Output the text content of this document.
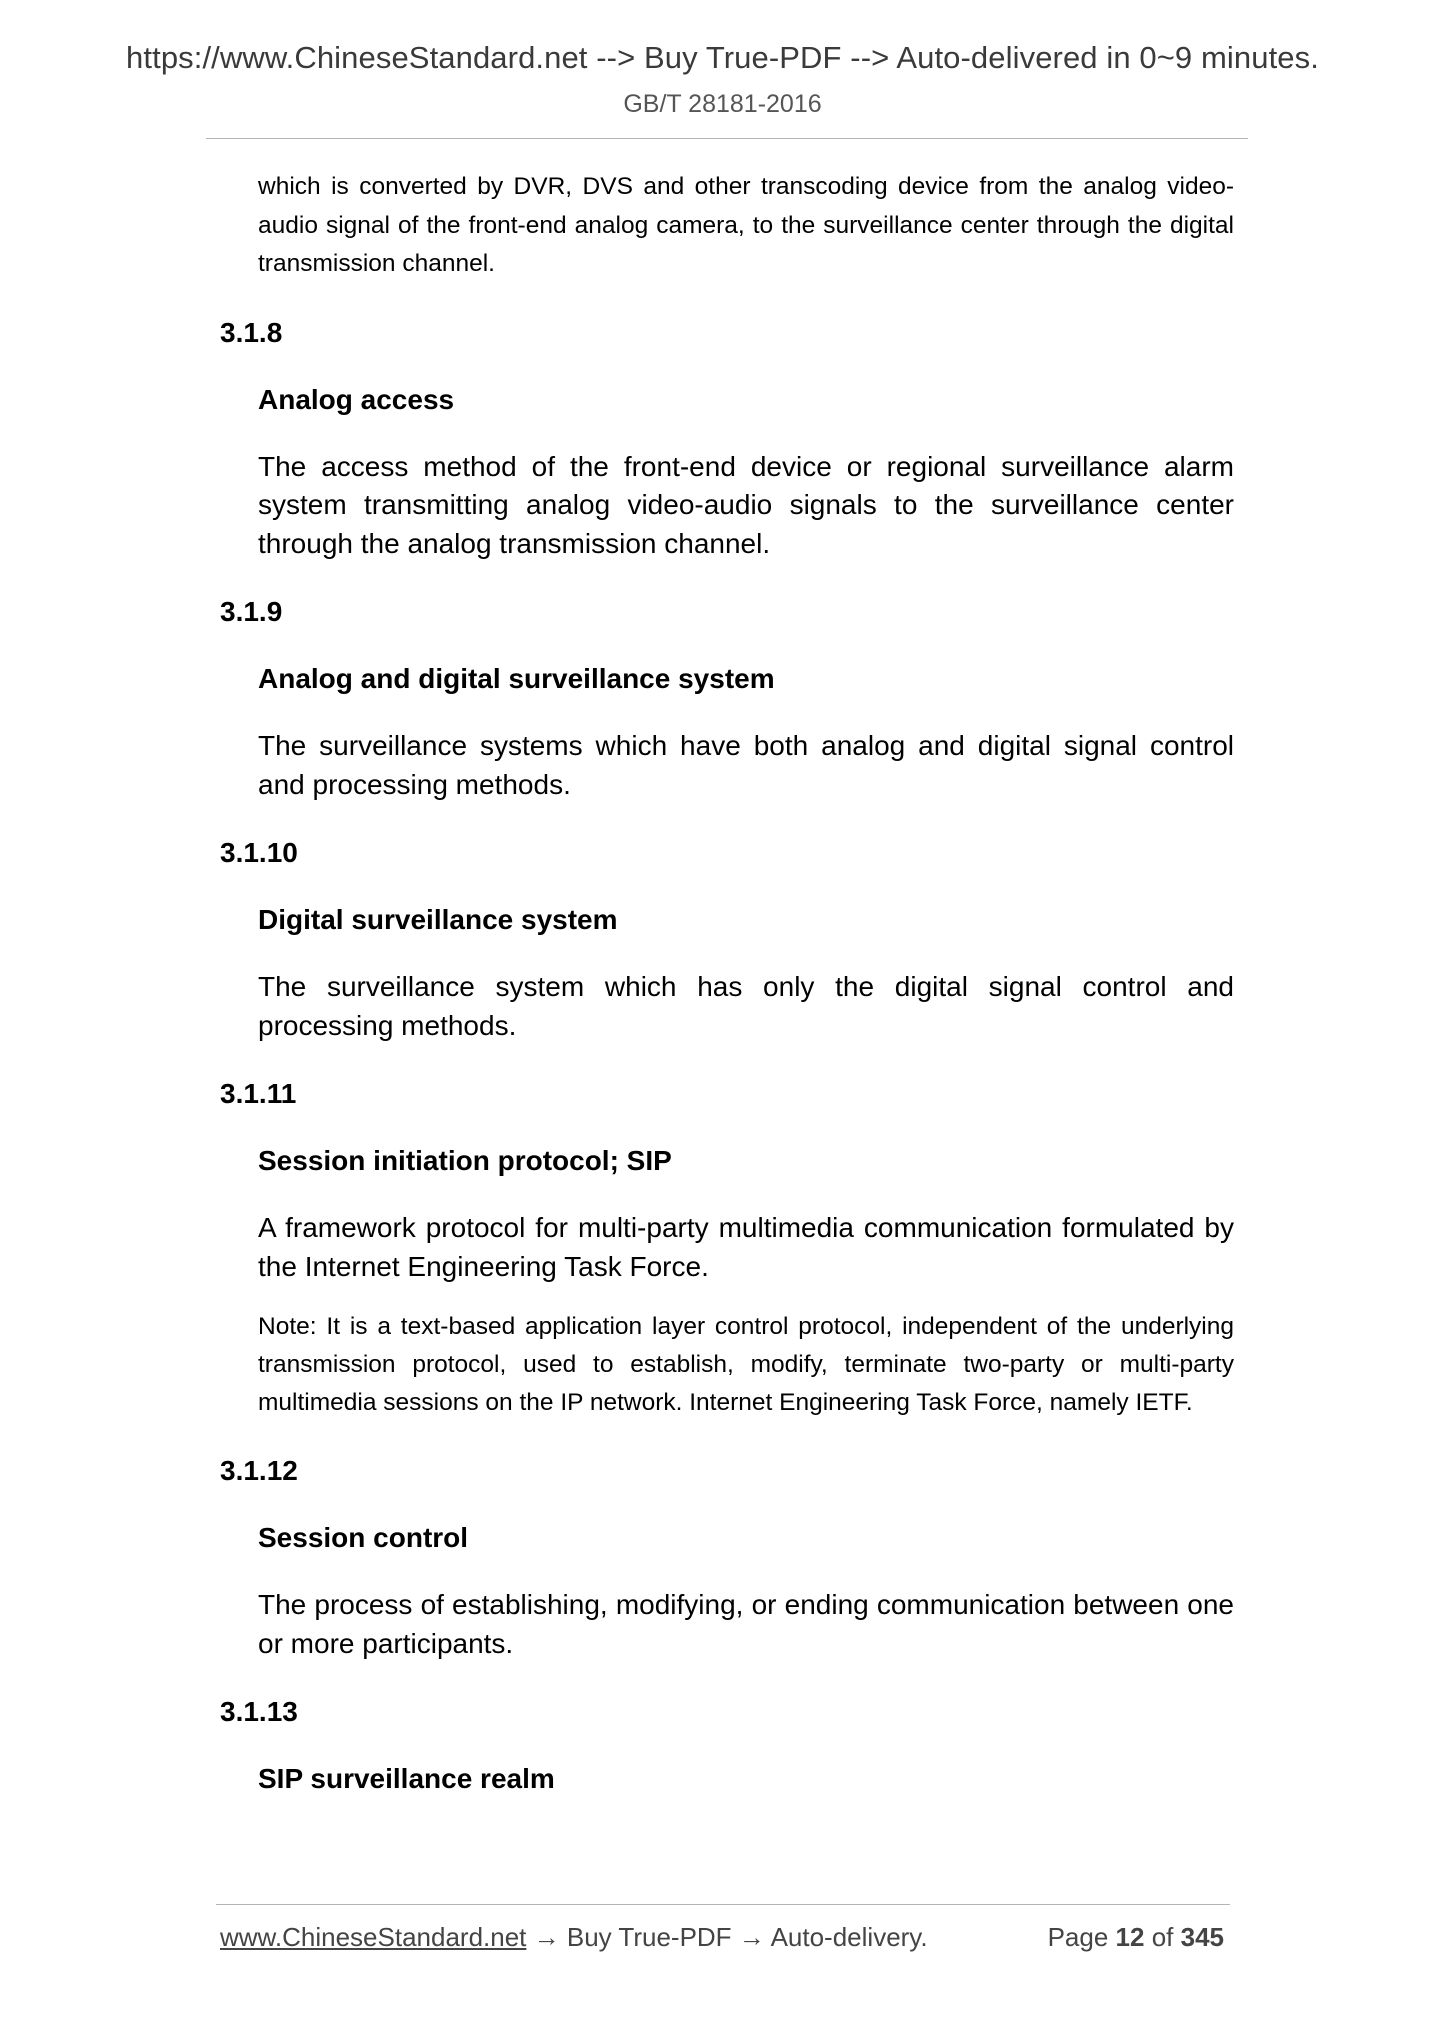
https://www.ChineseStandard.net --> Buy True-PDF --> Auto-delivered in 0~9 minutes.
GB/T 28181-2016

which is converted by DVR, DVS and other transcoding device from the analog video-audio signal of the front-end analog camera, to the surveillance center through the digital transmission channel.

3.1.8

Analog access

The access method of the front-end device or regional surveillance alarm system transmitting analog video-audio signals to the surveillance center through the analog transmission channel.

3.1.9

Analog and digital surveillance system

The surveillance systems which have both analog and digital signal control and processing methods.

3.1.10

Digital surveillance system

The surveillance system which has only the digital signal control and processing methods.

3.1.11

Session initiation protocol; SIP

A framework protocol for multi-party multimedia communication formulated by the Internet Engineering Task Force.

Note: It is a text-based application layer control protocol, independent of the underlying transmission protocol, used to establish, modify, terminate two-party or multi-party multimedia sessions on the IP network. Internet Engineering Task Force, namely IETF.

3.1.12

Session control

The process of establishing, modifying, or ending communication between one or more participants.

3.1.13

SIP surveillance realm

www.ChineseStandard.net → Buy True-PDF → Auto-delivery.	Page 12 of 345
